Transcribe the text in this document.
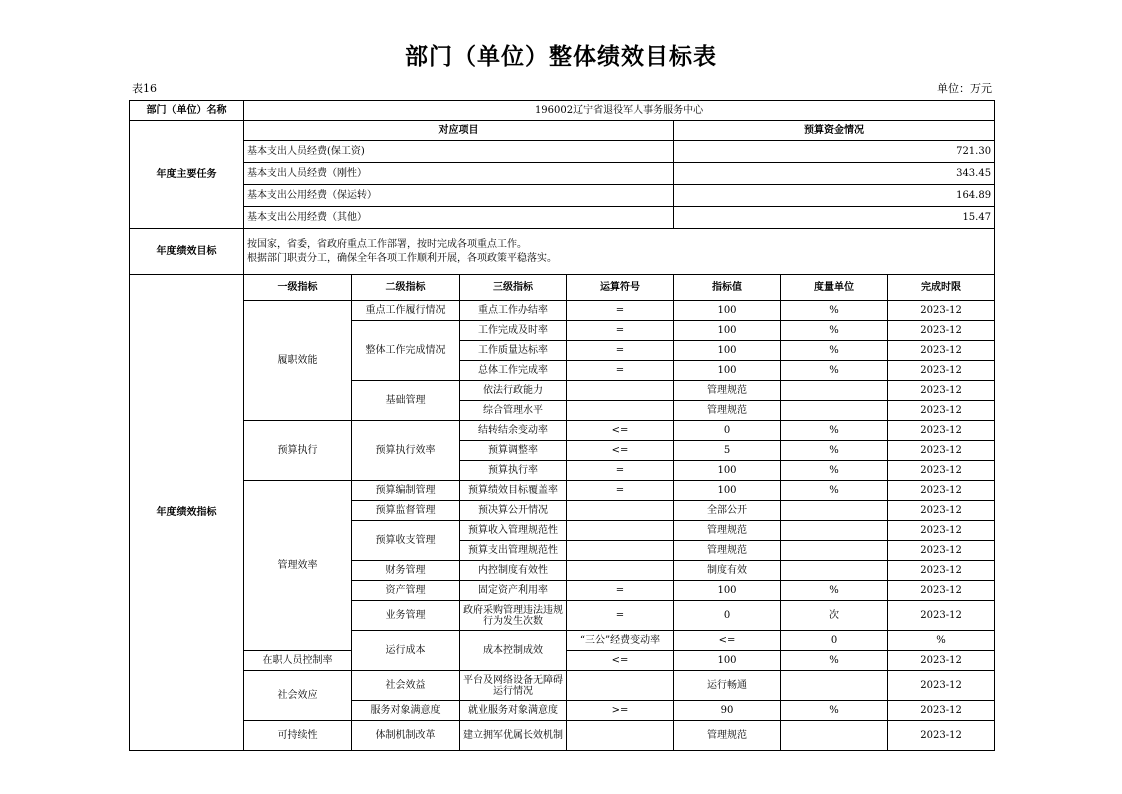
部门（单位）整体绩效目标表
表16	单位：万元
部门（单位）名称	196002辽宁省退役军人事务服务中心							
年度主要任务	对应项目				预算资金情况			
	基本支出人员经费(保工资)				721.30			
	基本支出人员经费（刚性）				343.45			
	基本支出公用经费（保运转）				164.89			
	基本支出公用经费（其他）				15.47			
年度绩效目标	按国家，省委，省政府重点工作部署，按时完成各项重点工作。
根据部门职责分工，确保全年各项工作顺利开展，各项政策平稳落实。							

年度绩效指标	一级指标	二级指标	三级指标	运算符号	指标值	度量单位	完成时限	
	履职效能	重点工作履行情况	重点工作办结率	=	100	%	2023-12	
		整体工作完成情况	工作完成及时率	=	100	%	2023-12	
			工作质量达标率	=	100	%	2023-12	
			总体工作完成率	=	100	%	2023-12	
		基础管理	依法行政能力		管理规范		2023-12	
			综合管理水平		管理规范		2023-12	
	预算执行	预算执行效率	结转结余变动率	<=	0	%	2023-12	
			预算调整率	<=	5	%	2023-12	
			预算执行率	=	100	%	2023-12	
	管理效率	预算编制管理	预算绩效目标覆盖率	=	100	%	2023-12	
		预算监督管理	预决算公开情况		全部公开		2023-12	
		预算收支管理	预算收入管理规范性		管理规范		2023-12	
			预算支出管理规范性		管理规范		2023-12	
		财务管理	内控制度有效性		制度有效		2023-12	
		资产管理	固定资产利用率	=	100	%	2023-12	
		业务管理	政府采购管理违法违规行为发生次数	=	0	次	2023-12	
		运行成本	成本控制成效	“三公”经费变动率	<=	0	%	
	在职人员控制率			<=	100	%	2023-12	
	社会效应	社会效益	平台及网络设备无障碍运行情况		运行畅通		2023-12	
		服务对象满意度	就业服务对象满意度	>=	90	%	2023-12	
	可持续性	体制机制改革	建立拥军优属长效机制		管理规范		2023-12	
